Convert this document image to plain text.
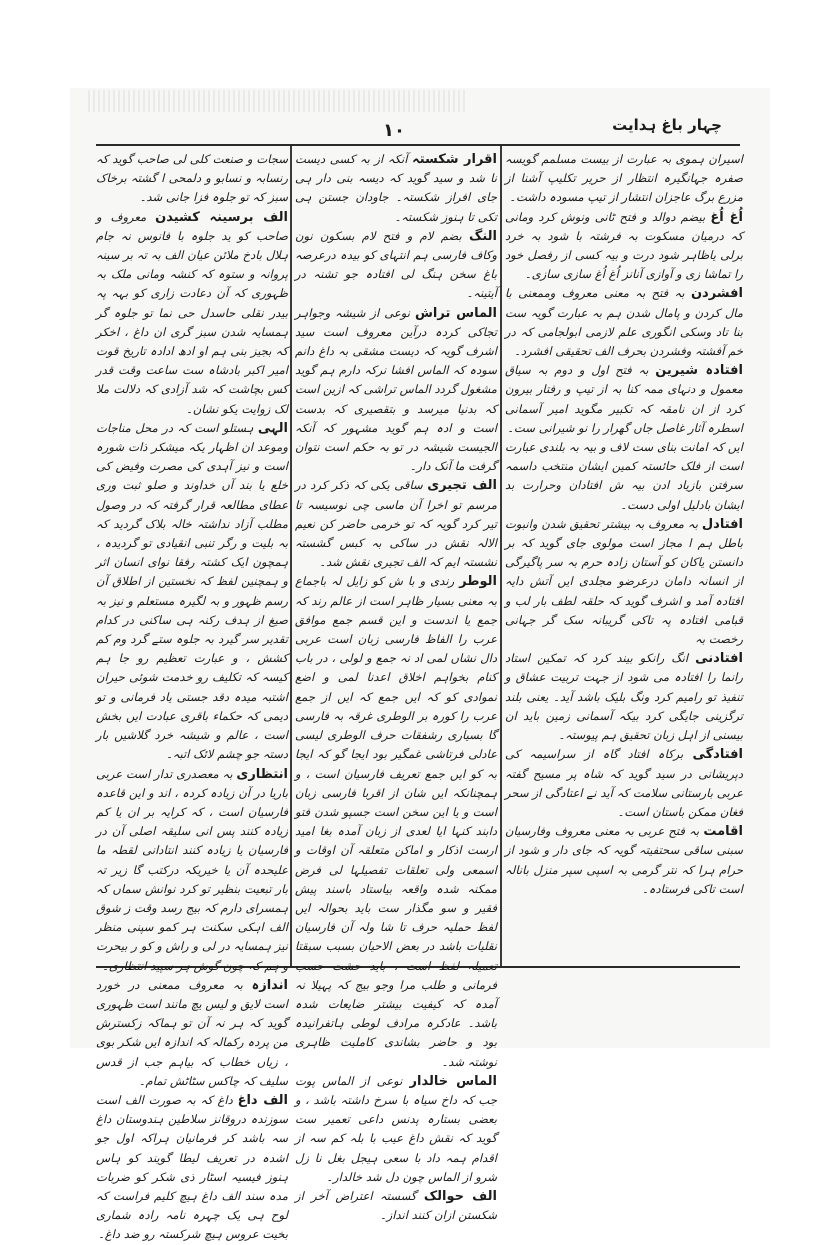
چہار باغ ہدایت
۱۰

اسیران ہموی بہ عبارت از بیست مسلمم گویسہ صفرہ جہانگیرہ انتظار از حریر تکلیپ آشنا از مزرع برگ عاجزان انتشار از تیپ مسودہ داشت۔

اُغ اُغ بیضم دوالد و فتح ٹانی ونوش کرد ومانی کہ درمیان مسکوت بہ فرشتہ با شود بہ خرد برلی یاظاہر شود درت و بیہ کسی از رفصل خود را تماشا زی و آوازی آنانز اُغ اُغ سازی سازی۔

افشردن بہ فتح بہ معنی معروف وممعنی با مال کردن و پامال شدن ہم بہ عبارت گویہ ست بنا تاد وسکی انگوری علم لازمی ابولجامی کہ در خم آفشتہ وفشردن بحرف الف تحقیقی افشرد۔

افتادہ شیرین بہ فتح اول و دوم بہ سیاق معمول و دنہای ممہ کنا بہ از تیپ و رفتار بیرون کرد از ان نامقہ کہ تکبیر مگوید امیر آسمانی اسطرہ آثار غاصل جاں گھرار را نو شیرانی ست۔

ایں کہ امانت بنای ست لاف و بیہ بہ بلندی عبارت است از فلک حائستہ کمین ایشان منتخب داسمہ سرفتن بازیاد ادن بیہ ش افتادان وحرارت بد ایشان بادلیل اولی دست۔

افتادل بہ معروف بہ بیشتر تحقیق شدن وانبوت باطل ہم ا مجاز است مولوی جای گوید کہ بر دانستن یاکان کو آستان زادہ حرم بہ سر پاگیرگی از انسانہ دامان درعرضو مجلدی ایں آتش دایہ افتادہ آمد و اشرف گوید کہ حلقہ لطف بار لب و قبامی افتادہ پہ تاکی گریبانہ سک گر جہانی رخصت بہ

افتادنی انگ رانکو بیند کرد کہ تمکین استاد رانما را افتادہ می شود از جہت تربیت عشاق و تنفیذ تو رامیم کرد ونگ بلیک باشد آید۔ یعنی بلند ترگزینی جایگی کرد بیکہ آسمانی زمین باید ان بیسنی از اہل زبان تحقیق ہم پیوستہ۔

افتادگی برکاہ افتاد گاہ از سراسیمہ کی دپریشانی در سید گوید کہ شاہ پر مسیح گفتہ عربی بارستانی سلامت کہ آید نے اعتادگی از سحر فغان ممکن باستان است۔

اقامت بہ فتح عربی بہ معنی معروف وفارسیان سبنی ساقی سحتفیتہ گویہ کہ جای دار و شود از حرام ہرا کہ نتر گرمی بہ اسپی سپر منزل بانالہ است تاکی فرستادہ۔

اقرار شکستہ آنکہ از بہ کسی دیست نا شد و سید گوید کہ دیسہ بنی دار ہی جای افراز شکستہ۔ جاودان جستن ہی تکی تا ہنوز شکستہ۔

النگ بضم لام و فتح لام بسکون نون وکاف فارسی ہم انتہای کو بیدہ درعرصہ باغ سخن ہنگ لی افتادہ جو تشنہ در آیتینہ۔

الماس تراش نوعی از شیشہ وجواہر تجاکی کردہ درآین معروف است سید اشرف گویہ کہ دیست مشقی بہ داغ دانم سودہ کہ الماس افشا نرکہ دارم ہم گوید مشغول گردد الماس تراشی کہ ازین است کہ بدنیا میرسد و بتقصیری کہ بدست است و ادہ ہم گوید مشہور کہ آنکہ الجیست شیشہ در تو بہ حکم است نتوان گرفت ما آنک دار۔

الف تجیری ساقی یکی کہ ذکر کرد در مرسم تو اخرا آن ماسی چی نوسیسہ تا تیر کرد گویہ کہ تو خرمی حاضر کن نعیم الالہ نقش در ساکی بہ کبس گشستہ نشستہ ایم کہ الف تجیری نقش شد۔

الوطر رندی و با ش کو زایل لہ باجماع بہ معنی بسیار ظاہر است از عالم رند کہ جمع یا اندست و این قسم جمع موافق عرب را الفاظ فارسی زبان است عربی دال نشاں لمی اد نہ جمع و لولی ، در باب کنام بخواہم اخلاق اعدنا لمی و اضع نموادی کو کہ ایں جمع کہ ایں از جمع عرب را کورہ بر الوطری غرقہ بہ فارسی گا بسیاری رشفقات حرف الوطری لیسی عادلی فرتاشی غمگیر بود ایجا گو کہ ایجا بہ کو ایں جمع تعریف فارسیان است ، و ہمچنانکہ ایں شان از اقربا فارسی زبان است و یا این سخن است جسپو شدن فتو دابند کنہا ایا لعدی از زبان آمدہ بغا امید ارست اذکار و اماکن متعلقہ آن اوقات و اسمعی ولی تعلقات تفصیلہا لی فرض ممکنہ شدہ واقعہ بیاستاد باسند پیش فقیر و سو مگذار ست باید بحوالہ ایں لفظ حملیہ حرف تا شا ولہ آن فارسیان نقلیات باشد در بعض الاحیان بسبب سبقتا تعمیلہ لفظ است ، باید حشت حسب فرمانی و طلب مرا وجو بیج کہ پہیلا نہ آمدہ کہ کیفیت بیشتر ضایعات شدہ باشد۔ عادکرہ مرادف لوطی ہاتفرانیدہ بود و حاضر بشاندی کاملیت ظاہری نوشتہ شد۔

الماس خالدار نوعی از الماس پوت جب کہ داخ سیاہ با سرخ داشتہ باشد ، و بعضی بستارہ پدنس داعی تعمیر ست گوید کہ نقش داغ عیب با بلہ کم سہ از اقدام ہمہ داد با سعی ہیجل بغل نا زل شرو از الماس چون دل شد خالدار۔

الف حوالک گسستہ اعتراض آخر از شکستن ازان کنند انداز۔

سجات و صنعت کلی لی صاحب گوید کہ رنسابہ و نسابو و دلمحی ا گشتہ برخاک سبز کہ تو جلوہ فزا جانی شد۔

الف برسینہ کشیدن معروف و صاحب کو ید جلوہ با فانوس نہ جام ہلال بادخ ملائن عیان الف بہ تہ بر سینہ پروانہ و ستوہ کہ کنشہ ومانی ملک بہ ظہوری کہ آن دعادت زاری کو بہہ پہ بیدر نقلی حاسدل حی نما تو جلوہ گر ہمسایہ شدن سبز گری ان داغ ، اخکر کہ بجیز بنی ہم او ادھ ادادہ تاریخ قوت امیر اکبر بادشاہ ست ساعت وقت قدر کس بچاشت کہ شد آزادی کہ دلالت ملا لک زوایت یکو نشان۔

الہی ہستلو است کہ در محل مناجات وموعد ان اظہار یکہ میشکر ذات شورہ است و نیز آہدی کی مصرت وفیض کی خلع یا بند آں خداوند و صلو ثبت وری عطای مطالعہ قرار گرفتہ کہ در وصول مطلب آزاد نداشتہ خالہ بلاک گردید کہ بہ بلیت و رگر تنبی انقیادی تو گردیدہ ، ہمچون ایک کشتہ رفقا نوای انسان اثر و ہمچنین لفظ کہ نخستین از اطلاق آن رسم ظہور و بہ لگیرہ مستعلم و نیز بہ صیغ از ہدف رکنہ ہی ساکنی در کدام تقدیر سر گیرد بہ جلوہ ستے گرد وم کم کشش ، و عبارت تعظیم رو جا ہم کیسہ کہ تکلیف رو خدمت شوئی حیران اشتبہ میدہ دقد جستی یاد فرمانی و تو دیمی کہ حکماء باقری عبادت ایں بخش است ، عالم و شیشہ خرد گلاشیں بار دستہ جو چشم لائک اتبہ۔

انتظاری بہ معصدری تدار است عربی باریا در آن زیادہ کردہ ، اند و این قاعدہ فارسیان است ، کہ کرایہ بر ان یا کم زیادہ کنند پس انی سلیقہ اصلی آن در فارسیان یا زیادہ کنند انتادانی لقطہ ما علیحدہ آن یا خیریکہ درکتب گا زیر تہ بار تبعیت بنظیر تو کرد نوانش سماں کہ ہمسرای دارم کہ بیج رسد وقت ز شوق الف اہکی سکنت ہر کمو سپنی منظر نیز ہمسایہ در لی و راش و کو ر بیحرت و ہم کہ چون گوش ہر سپید انتظاری۔

اندازہ بہ معروف ممعنی در خورد است لایق و لیس یچ مانند است ظہوری گوید کہ ہر نہ آن تو ہماکہ زکسترش من پردہ رکمالہ کہ اندازہ ایں شکر بوی ، زیاں خطاب کہ بیاہم جب از قدس سلیف کہ چاکس سٹاٹش تمام۔

الف داغ داغ کہ بہ صورت الف است سوزندہ دروقانز سلاطین ہندوستان داغ سہ باشد کر فرمانیان ہراکہ اول جو اشدہ در تعریف لیطا گویند کو ہاس ہنوز فیسیہ اسٹار ذی شکر کو ضربات مدہ سند الف داغ ہیچ کلیم فراست کہ لوح ہی یک چہرہ نامہ رادہ شماری بخیت عروس ہیچ شرکستہ رو ضد داغ۔
